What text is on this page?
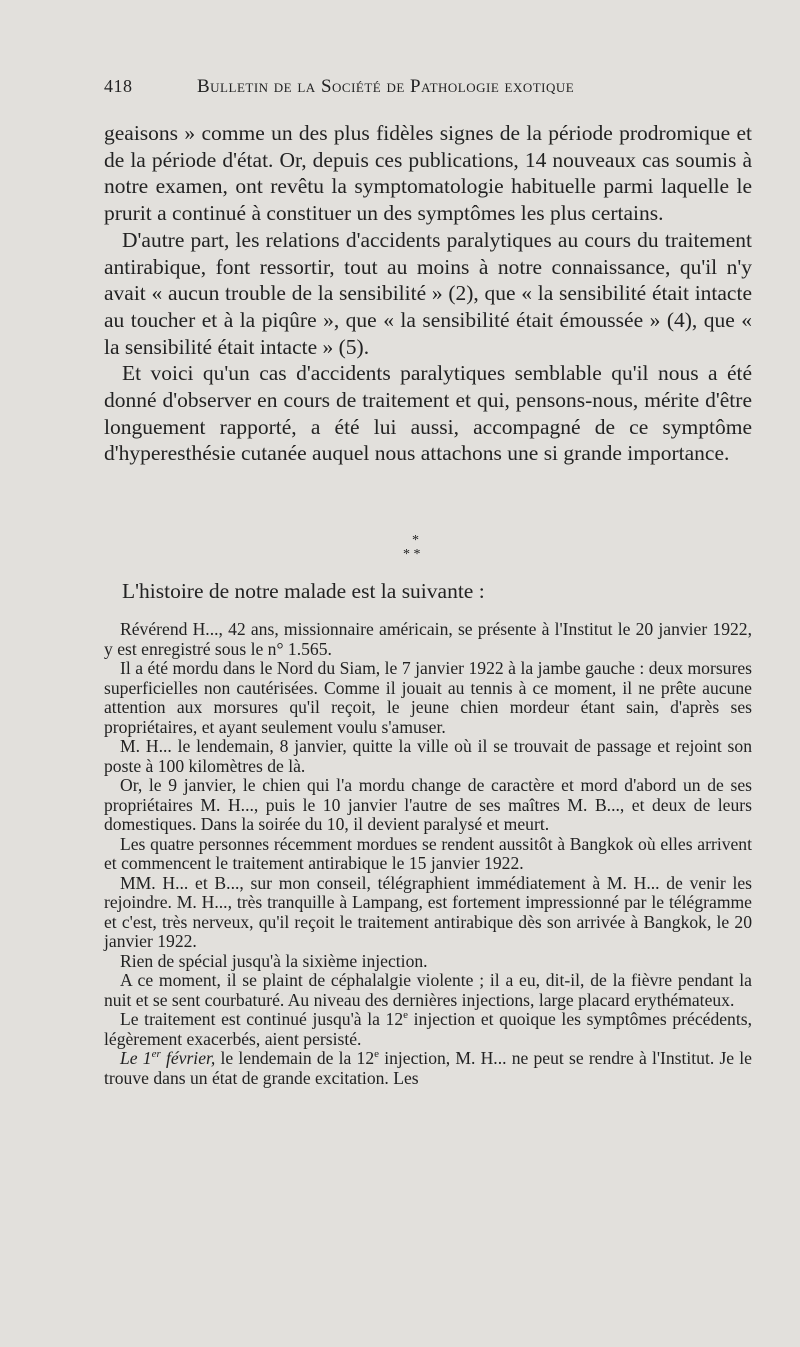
418	Bulletin de la Société de Pathologie exotique

geaisons » comme un des plus fidèles signes de la période prodromique et de la période d'état. Or, depuis ces publications, 14 nouveaux cas soumis à notre examen, ont revêtu la symptomatologie habituelle parmi laquelle le prurit a continué à constituer un des symptômes les plus certains.

D'autre part, les relations d'accidents paralytiques au cours du traitement antirabique, font ressortir, tout au moins à notre connaissance, qu'il n'y avait « aucun trouble de la sensibilité » (2), que « la sensibilité était intacte au toucher et à la piqûre », que « la sensibilité était émoussée » (4), que « la sensibilité était intacte » (5).

Et voici qu'un cas d'accidents paralytiques semblable qu'il nous a été donné d'observer en cours de traitement et qui, pensons-nous, mérite d'être longuement rapporté, a été lui aussi, accompagné de ce symptôme d'hyperesthésie cutanée auquel nous attachons une si grande importance.

*
* *
L'histoire de notre malade est la suivante :

Révérend H..., 42 ans, missionnaire américain, se présente à l'Institut le 20 janvier 1922, y est enregistré sous le n° 1.565.

Il a été mordu dans le Nord du Siam, le 7 janvier 1922 à la jambe gauche : deux morsures superficielles non cautérisées. Comme il jouait au tennis à ce moment, il ne prête aucune attention aux morsures qu'il reçoit, le jeune chien mordeur étant sain, d'après ses propriétaires, et ayant seulement voulu s'amuser.

M. H... le lendemain, 8 janvier, quitte la ville où il se trouvait de passage et rejoint son poste à 100 kilomètres de là.

Or, le 9 janvier, le chien qui l'a mordu change de caractère et mord d'abord un de ses propriétaires M. H..., puis le 10 janvier l'autre de ses maîtres M. B..., et deux de leurs domestiques. Dans la soirée du 10, il devient paralysé et meurt.

Les quatre personnes récemment mordues se rendent aussitôt à Bangkok où elles arrivent et commencent le traitement antirabique le 15 janvier 1922.

MM. H... et B..., sur mon conseil, télégraphient immédiatement à M. H... de venir les rejoindre. M. H..., très tranquille à Lampang, est fortement impressionné par le télégramme et c'est, très nerveux, qu'il reçoit le traitement antirabique dès son arrivée à Bangkok, le 20 janvier 1922.

Rien de spécial jusqu'à la sixième injection.

A ce moment, il se plaint de céphalalgie violente ; il a eu, dit-il, de la fièvre pendant la nuit et se sent courbaturé. Au niveau des dernières injections, large placard erythémateux.

Le traitement est continué jusqu'à la 12e injection et quoique les symptômes précédents, légèrement exacerbés, aient persisté.

Le 1er février, le lendemain de la 12e injection, M. H... ne peut se rendre à l'Institut. Je le trouve dans un état de grande excitation. Les
